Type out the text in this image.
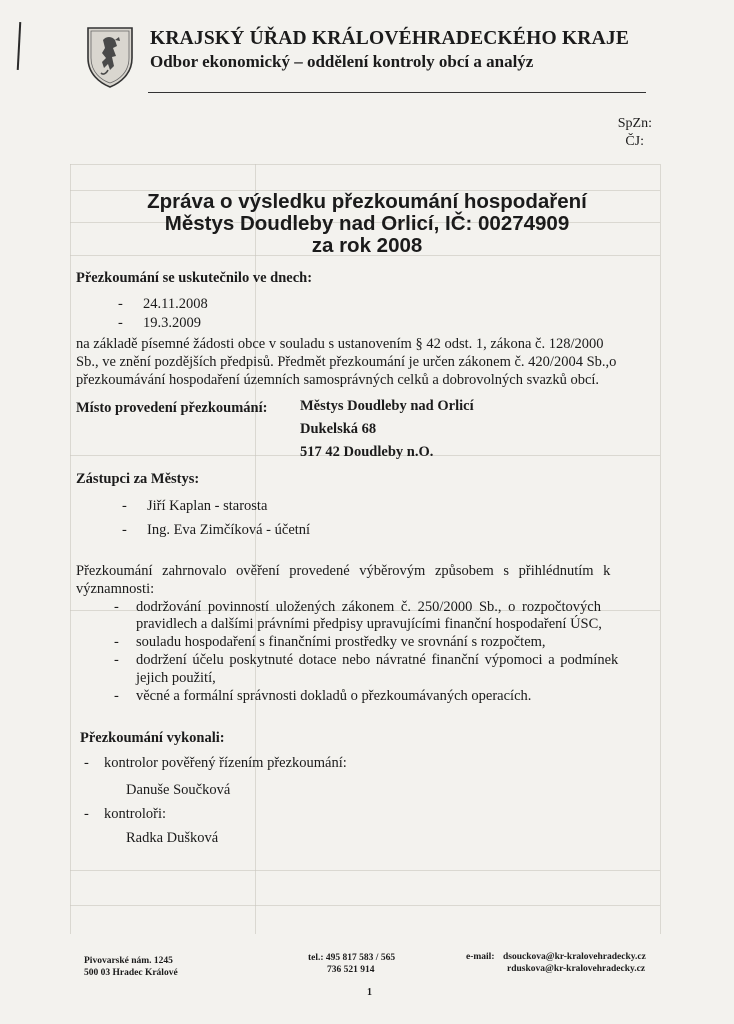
KRAJSKÝ ÚŘAD KRÁLOVÉHRADECKÉHO KRAJE
Odbor ekonomický – oddělení kontroly obcí a analýz
SpZn:
ČJ:
Zpráva o výsledku přezkoumání hospodaření
Městys Doudleby nad Orlicí, IČ: 00274909
za rok 2008
Přezkoumání se uskutečnilo ve dnech:
- 24.11.2008
- 19.3.2009
na základě písemné žádosti obce v souladu s ustanovením § 42 odst. 1, zákona č. 128/2000
Sb., ve znění pozdějších předpisů. Předmět přezkoumání je určen zákonem č. 420/2004 Sb.,o
přezkoumávání hospodaření územních samosprávných celků a dobrovolných svazků obcí.
Místo provedení přezkoumání: Městys Doudleby nad Orlicí
Dukelská 68
517 42 Doudleby n.O.
Zástupci za Městys:
- Jiří Kaplan - starosta
- Ing. Eva Zimčíková - účetní
Přezkoumání zahrnovalo ověření provedené výběrovým způsobem s přihlédnutím k
významnosti:
- dodržování povinností uložených zákonem č. 250/2000 Sb., o rozpočtových
pravidlech a dalšími právními předpisy upravujícími finanční hospodaření ÚSC,
- souladu hospodaření s finančními prostředky ve srovnání s rozpočtem,
- dodržení účelu poskytnuté dotace nebo návratné finanční výpomoci a podmínek
jejich použití,
- věcné a formální správnosti dokladů o přezkoumávaných operacích.
Přezkoumání vykonali:
- kontrolor pověřený řízením přezkoumání:
Danuše Součková
- kontroloři:
Radka Dušková
Pivovarské nám. 1245
500 03 Hradec Králové
tel.: 495 817 583 / 565
736 521 914
e-mail: dsouckova@kr-kralovehradecky.cz
rduskova@kr-kralovehradecky.cz
1
